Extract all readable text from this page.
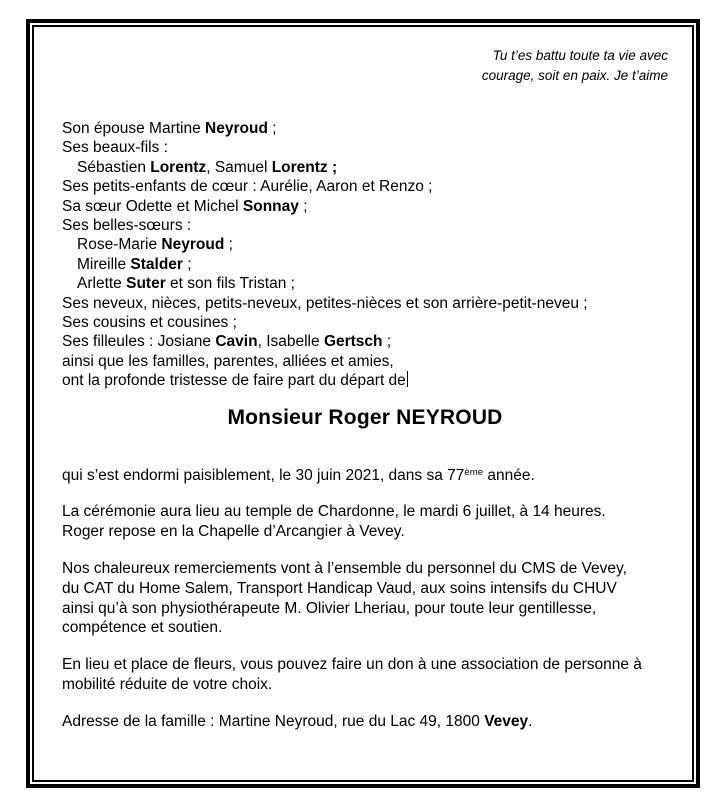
Tu t’es battu toute ta vie avec
courage, soit en paix. Je t’aime
Son épouse Martine Neyroud ;
Ses beaux-fils :
Sébastien Lorentz, Samuel Lorentz ;
Ses petits-enfants de cœur : Aurélie, Aaron et Renzo ;
Sa sœur Odette et Michel Sonnay ;
Ses belles-sœurs :
Rose-Marie Neyroud ;
Mireille Stalder ;
Arlette Suter et son fils Tristan ;
Ses neveux, nièces, petits-neveux, petites-nièces et son arrière-petit-neveu ;
Ses cousins et cousines ;
Ses filleules : Josiane Cavin, Isabelle Gertsch ;
ainsi que les familles, parentes, alliées et amies,
ont la profonde tristesse de faire part du départ de
Monsieur Roger NEYROUD
qui s’est endormi paisiblement, le 30 juin 2021, dans sa 77ème année.
La cérémonie aura lieu au temple de Chardonne, le mardi 6 juillet, à 14 heures.
Roger repose en la Chapelle d’Arcangier à Vevey.
Nos chaleureux remerciements vont à l’ensemble du personnel du CMS de Vevey,
du CAT du Home Salem, Transport Handicap Vaud, aux soins intensifs du CHUV
ainsi qu’à son physiothérapeute M. Olivier Lheriau, pour toute leur gentillesse,
compétence et soutien.
En lieu et place de fleurs, vous pouvez faire un don à une association de personne à
mobilité réduite de votre choix.
Adresse de la famille : Martine Neyroud, rue du Lac 49, 1800 Vevey.
